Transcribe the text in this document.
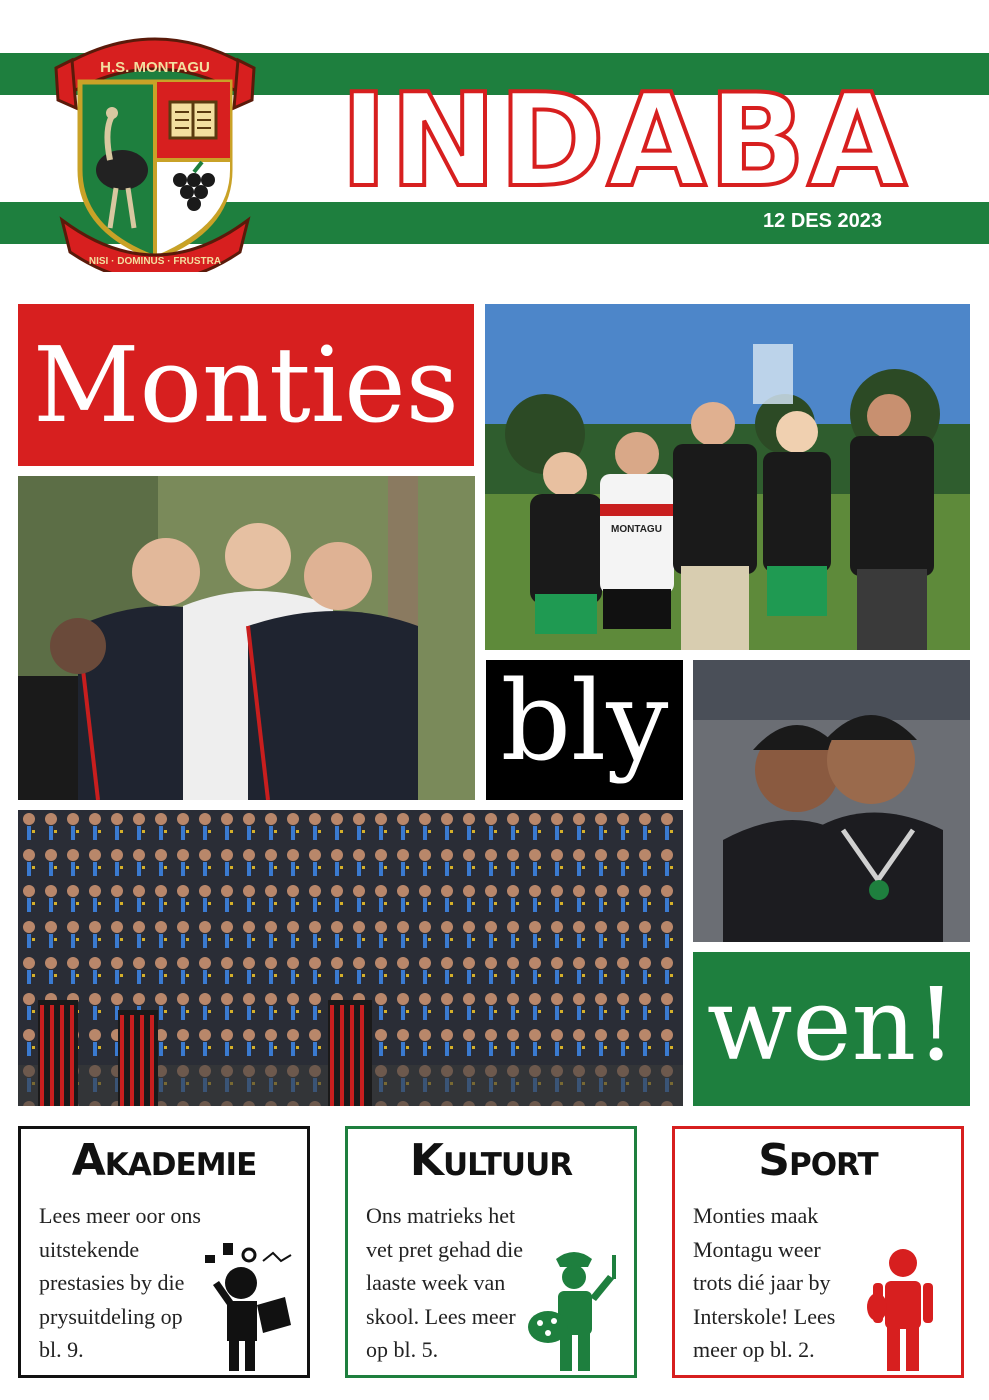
H.S. MONTAGU
NISI · DOMINUS · FRUSTRA
INDABA
12 DES 2023
Monties
bly
wen!
MONTAGU
Akademie

Lees meer oor ons uitstekende prestasies by die prysuitdeling op bl. 9.

Kultuur

Ons matrieks het vet pret gehad die laaste week van skool. Lees meer op bl. 5.

Sport

Monties maak Montagu weer trots dié jaar by Interskole! Lees meer op bl. 2.
